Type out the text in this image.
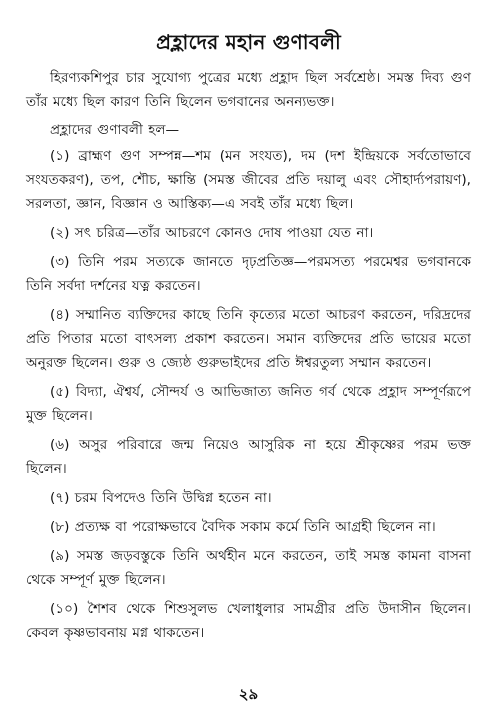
প্রহ্লাদের মহান গুণাবলী

হিরণ্যকশিপুর চার সুযোগ্য পুত্রের মধ্যে প্রহ্লাদ ছিল সর্বশ্রেষ্ঠ। সমস্ত দিব্য গুণ তাঁর মধ্যে ছিল কারণ তিনি ছিলেন ভগবানের অনন্যভক্ত।

প্রহ্লাদের গুণাবলী হল—

(১) ব্রাহ্মণ গুণ সম্পন্ন—শম (মন সংযত), দম (দশ ইন্দ্রিয়কে সর্বতোভাবে সংযতকরণ), তপ, শৌচ, ক্ষান্তি (সমস্ত জীবের প্রতি দয়ালু এবং সৌহার্দ্যপরায়ণ), সরলতা, জ্ঞান, বিজ্ঞান ও আস্তিক্য—এ সবই তাঁর মধ্যে ছিল।
(২) সৎ চরিত্র—তাঁর আচরণে কোনও দোষ পাওয়া যেত না।
(৩) তিনি পরম সত্যকে জানতে দৃঢ়প্রতিজ্ঞ—পরমসত্য পরমেশ্বর ভগবানকে তিনি সর্বদা দর্শনের যত্ন করতেন।
(৪) সম্মানিত ব্যক্তিদের কাছে তিনি কৃত্যের মতো আচরণ করতেন, দরিদ্রদের প্রতি পিতার মতো বাৎসল্য প্রকাশ করতেন। সমান ব্যক্তিদের প্রতি ভায়ের মতো অনুরক্ত ছিলেন। গুরু ও জ্যেষ্ঠ গুরুভাইদের প্রতি ঈশ্বরতুল্য সম্মান করতেন।
(৫) বিদ্যা, ঐশ্বর্য, সৌন্দর্য ও আভিজাত্য জনিত গর্ব থেকে প্রহ্লাদ সম্পূর্ণরূপে মুক্ত ছিলেন।
(৬) অসুর পরিবারে জন্ম নিয়েও আসুরিক না হয়ে শ্রীকৃষ্ণের পরম ভক্ত ছিলেন।
(৭) চরম বিপদেও তিনি উদ্বিগ্ন হতেন না।
(৮) প্রত্যক্ষ বা পরোক্ষভাবে বৈদিক সকাম কর্মে তিনি আগ্রহী ছিলেন না।
(৯) সমস্ত জড়বস্তুকে তিনি অর্থহীন মনে করতেন, তাই সমস্ত কামনা বাসনা থেকে সম্পূর্ণ মুক্ত ছিলেন।
(১০) শৈশব থেকে শিশুসুলভ খেলাধুলার সামগ্রীর প্রতি উদাসীন ছিলেন। কেবল কৃষ্ণভাবনায় মগ্ন থাকতেন।
২৯
